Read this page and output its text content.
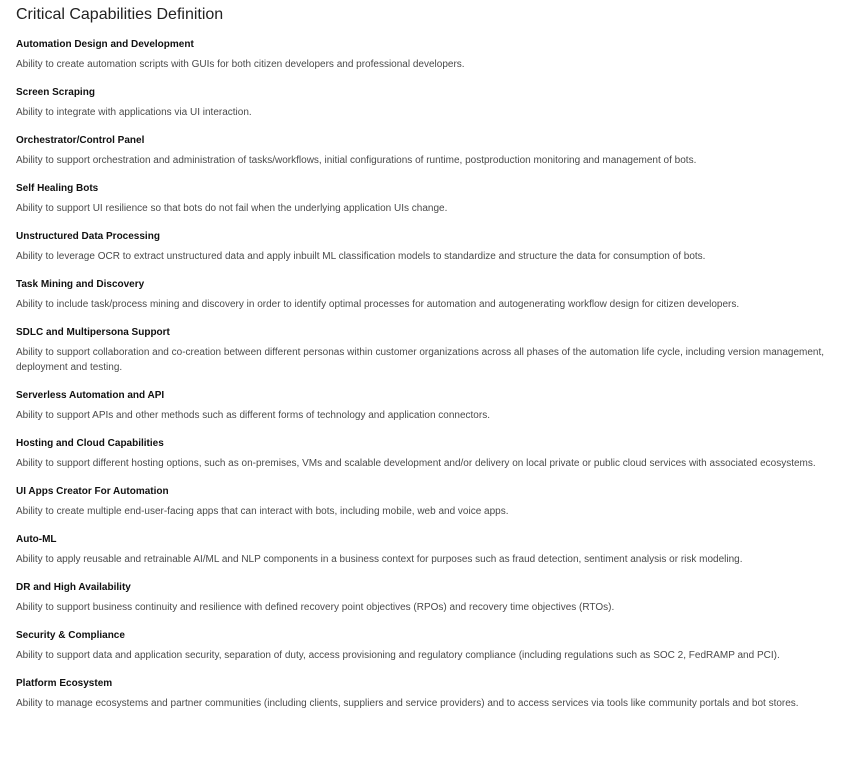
Critical Capabilities Definition
Automation Design and Development
Ability to create automation scripts with GUIs for both citizen developers and professional developers.
Screen Scraping
Ability to integrate with applications via UI interaction.
Orchestrator/Control Panel
Ability to support orchestration and administration of tasks/workflows, initial configurations of runtime, postproduction monitoring and management of bots.
Self Healing Bots
Ability to support UI resilience so that bots do not fail when the underlying application UIs change.
Unstructured Data Processing
Ability to leverage OCR to extract unstructured data and apply inbuilt ML classification models to standardize and structure the data for consumption of bots.
Task Mining and Discovery
Ability to include task/process mining and discovery in order to identify optimal processes for automation and autogenerating workflow design for citizen developers.
SDLC and Multipersona Support
Ability to support collaboration and co-creation between different personas within customer organizations across all phases of the automation life cycle, including version management, deployment and testing.
Serverless Automation and API
Ability to support APIs and other methods such as different forms of technology and application connectors.
Hosting and Cloud Capabilities
Ability to support different hosting options, such as on-premises, VMs and scalable development and/or delivery on local private or public cloud services with associated ecosystems.
UI Apps Creator For Automation
Ability to create multiple end-user-facing apps that can interact with bots, including mobile, web and voice apps.
Auto-ML
Ability to apply reusable and retrainable AI/ML and NLP components in a business context for purposes such as fraud detection, sentiment analysis or risk modeling.
DR and High Availability
Ability to support business continuity and resilience with defined recovery point objectives (RPOs) and recovery time objectives (RTOs).
Security & Compliance
Ability to support data and application security, separation of duty, access provisioning and regulatory compliance (including regulations such as SOC 2, FedRAMP and PCI).
Platform Ecosystem
Ability to manage ecosystems and partner communities (including clients, suppliers and service providers) and to access services via tools like community portals and bot stores.
